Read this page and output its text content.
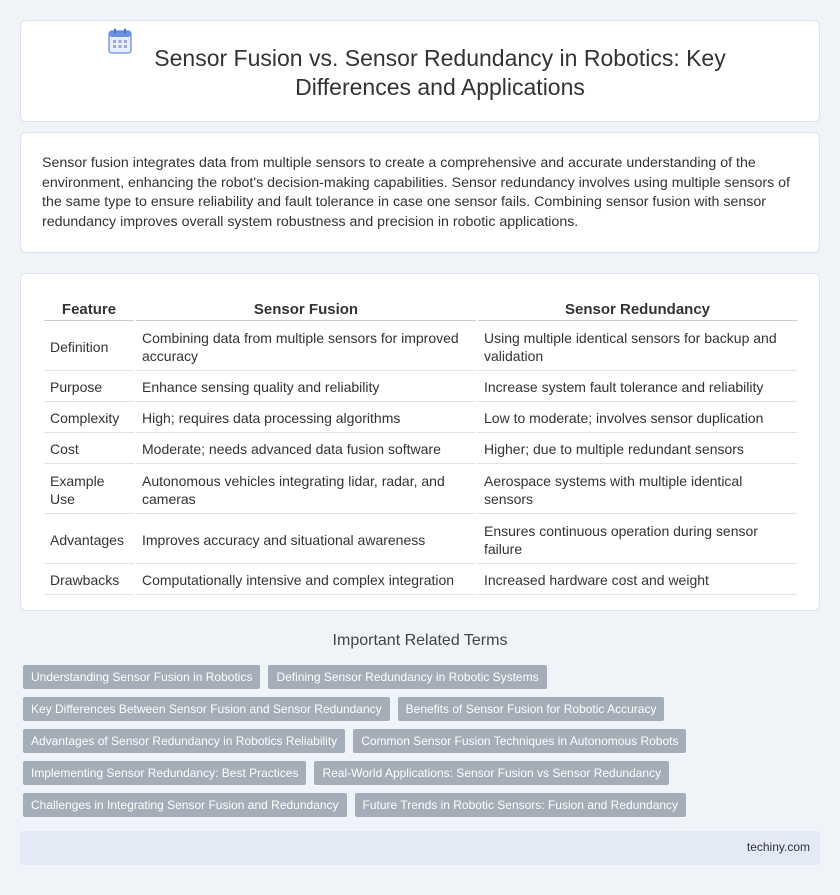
Sensor Fusion vs. Sensor Redundancy in Robotics: Key Differences and Applications

Sensor fusion integrates data from multiple sensors to create a comprehensive and accurate understanding of the environment, enhancing the robot's decision-making capabilities. Sensor redundancy involves using multiple sensors of the same type to ensure reliability and fault tolerance in case one sensor fails. Combining sensor fusion with sensor redundancy improves overall system robustness and precision in robotic applications.

Feature	Sensor Fusion	Sensor Redundancy
Definition	Combining data from multiple sensors for improved accuracy	Using multiple identical sensors for backup and validation
Purpose	Enhance sensing quality and reliability	Increase system fault tolerance and reliability
Complexity	High; requires data processing algorithms	Low to moderate; involves sensor duplication
Cost	Moderate; needs advanced data fusion software	Higher; due to multiple redundant sensors
Example Use	Autonomous vehicles integrating lidar, radar, and cameras	Aerospace systems with multiple identical sensors
Advantages	Improves accuracy and situational awareness	Ensures continuous operation during sensor failure
Drawbacks	Computationally intensive and complex integration	Increased hardware cost and weight
Important Related Terms
Understanding Sensor Fusion in Robotics	Defining Sensor Redundancy in Robotic Systems
Key Differences Between Sensor Fusion and Sensor Redundancy	Benefits of Sensor Fusion for Robotic Accuracy
Advantages of Sensor Redundancy in Robotics Reliability	Common Sensor Fusion Techniques in Autonomous Robots
Implementing Sensor Redundancy: Best Practices	Real-World Applications: Sensor Fusion vs Sensor Redundancy
Challenges in Integrating Sensor Fusion and Redundancy	Future Trends in Robotic Sensors: Fusion and Redundancy
techiny.com
